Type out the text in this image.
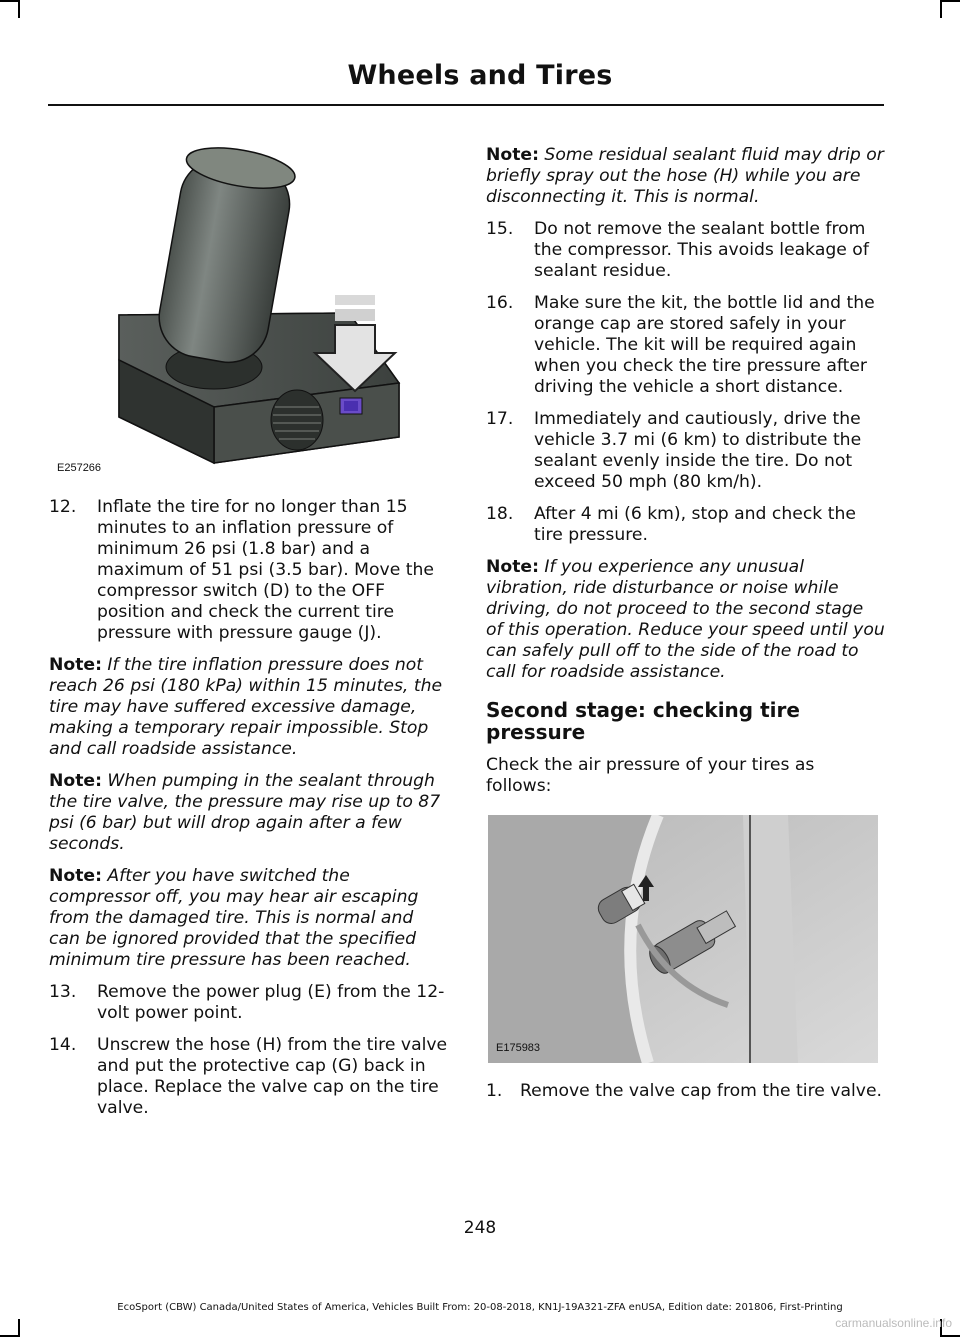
Wheels and Tires
E257266
12. Inflate the tire for no longer than 15 minutes to an inflation pressure of minimum 26 psi (1.8 bar) and a maximum of 51 psi (3.5 bar). Move the compressor switch (D) to the OFF position and check the current tire pressure with pressure gauge (J).

Note: If the tire inflation pressure does not reach 26 psi (180 kPa) within 15 minutes, the tire may have suffered excessive damage, making a temporary repair impossible. Stop and call roadside assistance.

Note: When pumping in the sealant through the tire valve, the pressure may rise up to 87 psi (6 bar) but will drop again after a few seconds.

Note: After you have switched the compressor off, you may hear air escaping from the damaged tire. This is normal and can be ignored provided that the specified minimum tire pressure has been reached.

13. Remove the power plug (E) from the 12-volt power point.
14. Unscrew the hose (H) from the tire valve and put the protective cap (G) back in place. Replace the valve cap on the tire valve.

Note: Some residual sealant fluid may drip or briefly spray out the hose (H) while you are disconnecting it. This is normal.

15. Do not remove the sealant bottle from the compressor. This avoids leakage of sealant residue.
16. Make sure the kit, the bottle lid and the orange cap are stored safely in your vehicle. The kit will be required again when you check the tire pressure after driving the vehicle a short distance.
17. Immediately and cautiously, drive the vehicle 3.7 mi (6 km) to distribute the sealant evenly inside the tire. Do not exceed 50 mph (80 km/h).
18. After 4 mi (6 km), stop and check the tire pressure.

Note: If you experience any unusual vibration, ride disturbance or noise while driving, do not proceed to the second stage of this operation. Reduce your speed until you can safely pull off to the side of the road to call for roadside assistance.

Second stage: checking tire pressure

Check the air pressure of your tires as follows:

E175983
1. Remove the valve cap from the tire valve.
248
EcoSport (CBW) Canada/United States of America, Vehicles Built From: 20-08-2018, KN1J-19A321-ZFA enUSA, Edition date: 201806, First-Printing
carmanualsonline.info
